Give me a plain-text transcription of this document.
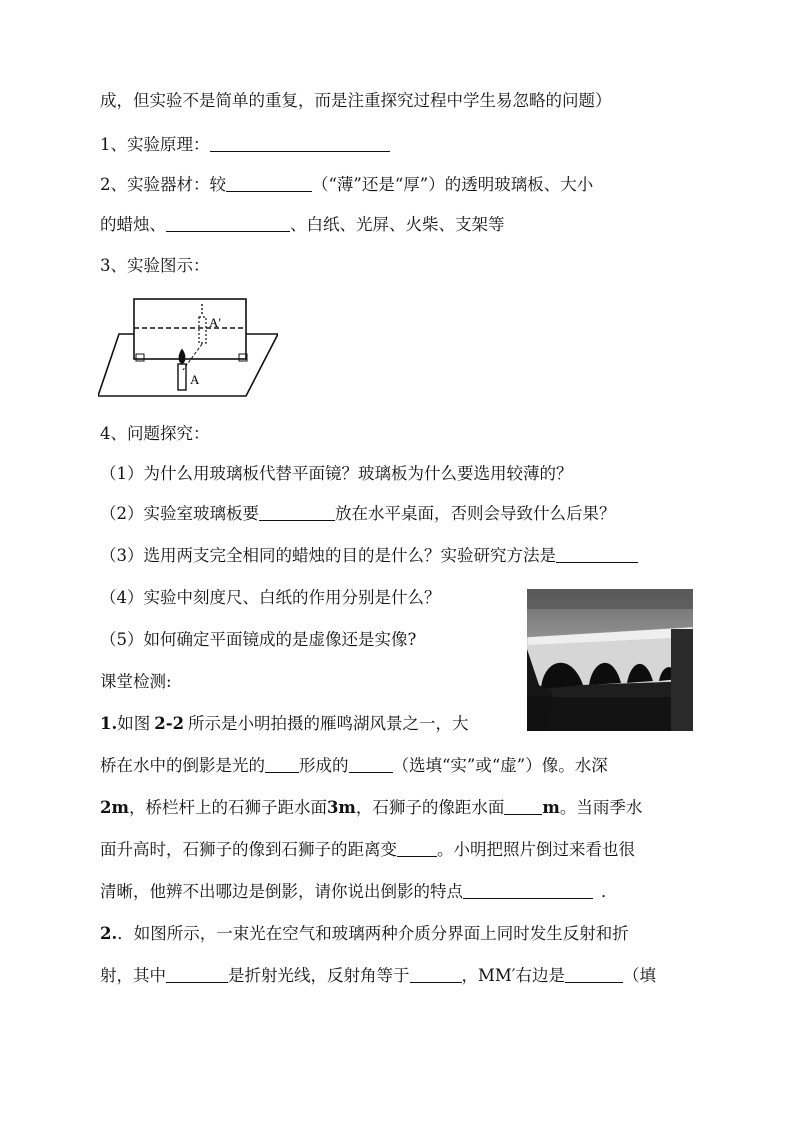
成，但实验不是简单的重复，而是注重探究过程中学生易忽略的问题）
1、实验原理：
2、实验器材：较	（“薄”还是“厚”）的透明玻璃板、大小
的蜡烛、	、白纸、光屏、火柴、支架等
3、实验图示：
A′
A
4、问题探究：
（1）为什么用玻璃板代替平面镜？玻璃板为什么要选用较薄的？
（2）实验室玻璃板要	放在水平桌面，否则会导致什么后果？
（3）选用两支完全相同的蜡烛的目的是什么？实验研究方法是
（4）实验中刻度尺、白纸的作用分别是什么？
（5）如何确定平面镜成的是虚像还是实像?
课堂检测:
1.如图 2-2 所示是小明拍摄的雁鸣湖风景之一，大
桥在水中的倒影是光的 形成的	（选填“实”或“虚”）像。水深
2m，桥栏杆上的石狮子距水面3m，石狮子的像距水面 m。当雨季水
面升高时，石狮子的像到石狮子的距离变 。小明把照片倒过来看也很
清晰，他辨不出哪边是倒影，请你说出倒影的特点	．
2.．如图所示，一束光在空气和玻璃两种介质分界面上同时发生反射和折
射，其中	是折射光线，反射角等于	，MM′右边是	（填
